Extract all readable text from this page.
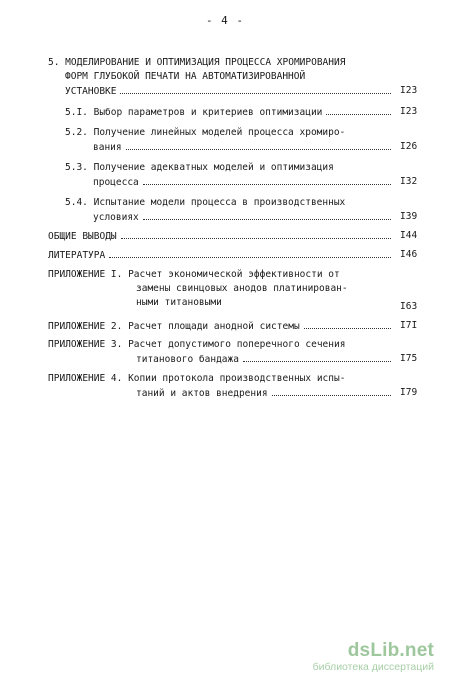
- 4 -
5. МОДЕЛИРОВАНИЕ И ОПТИМИЗАЦИЯ ПРОЦЕССА ХРОМИРОВАНИЯ
ФОРМ ГЛУБОКОЙ ПЕЧАТИ НА АВТОМАТИЗИРОВАННОЙ
УСТАНОВКЕ	I23
5.I. Выбор параметров и критериев оптимизации	I23
5.2. Получение линейных моделей процесса хромиро-
вания	I26
5.3. Получение адекватных моделей и оптимизация
процесса	I32
5.4. Испытание модели процесса в производственных
условиях	I39
ОБЩИЕ ВЫВОДЫ	I44
ЛИТЕРАТУРА	I46
ПРИЛОЖЕНИЕ I. Расчет экономической эффективности от
замены свинцовых анодов платинирован-
ными титановыми	I63
ПРИЛОЖЕНИЕ 2. Расчет площади анодной системы	I7I
ПРИЛОЖЕНИЕ 3. Расчет допустимого поперечного сечения
титанового бандажа	I75
ПРИЛОЖЕНИЕ 4. Копии протокола производственных испы-
таний и актов внедрения	I79
dsLib.net
библиотека диссертаций
